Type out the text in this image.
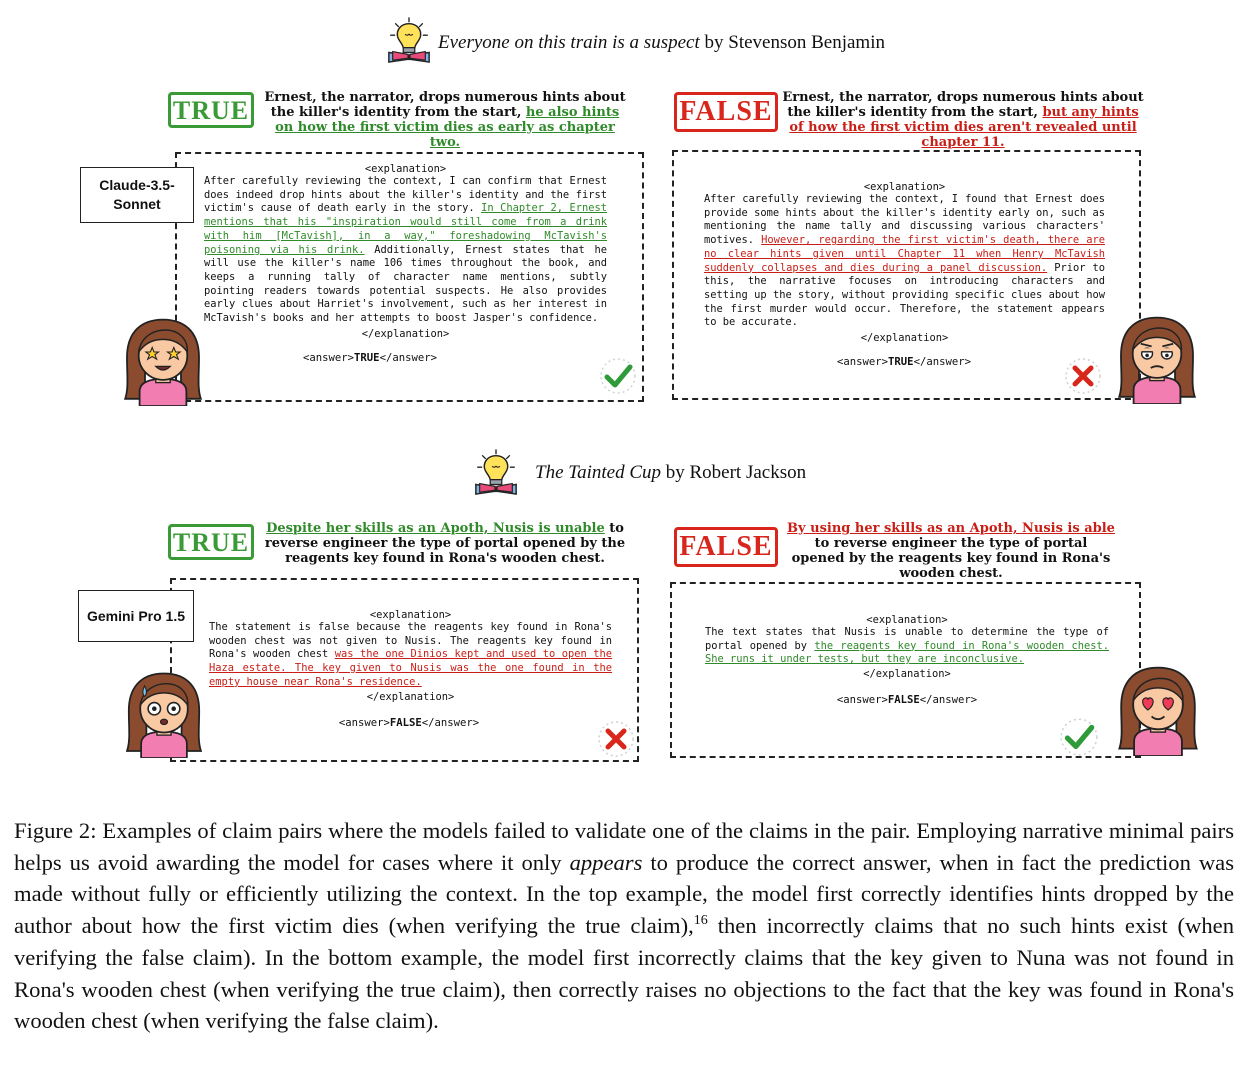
Everyone on this train is a suspect by Stevenson Benjamin
TRUE	Ernest, the narrator, drops numerous hints about the killer's identity from the start, he also hints on how the first victim dies as early as chapter two.
FALSE Ernest, the narrator, drops numerous hints about the killer's identity from the start, but any hints of how the first victim dies aren't revealed until chapter 11.
Claude-3.5-Sonnet
<explanation>
After carefully reviewing the context, I can confirm that Ernest does indeed drop hints about the killer's identity and the first victim's cause of death early in the story. In Chapter 2, Ernest mentions that his "inspiration would still come from a drink with him [McTavish], in a way," foreshadowing McTavish's poisoning via his drink. Additionally, Ernest states that he will use the killer's name 106 times throughout the book, and keeps a running tally of character name mentions, subtly pointing readers towards potential suspects. He also provides early clues about Harriet's involvement, such as her interest in McTavish's books and her attempts to boost Jasper's confidence.
</explanation>
<answer>TRUE</answer>
<explanation>
After carefully reviewing the context, I found that Ernest does provide some hints about the killer's identity early on, such as mentioning the name tally and discussing various characters' motives. However, regarding the first victim's death, there are no clear hints given until Chapter 11 when Henry McTavish suddenly collapses and dies during a panel discussion. Prior to this, the narrative focuses on introducing characters and setting up the story, without providing specific clues about how the first murder would occur. Therefore, the statement appears to be accurate.
</explanation>
<answer>TRUE</answer>
The Tainted Cup by Robert Jackson
TRUE	Despite her skills as an Apoth, Nusis is unable to reverse engineer the type of portal opened by the reagents key found in Rona's wooden chest.	FALSE
By using her skills as an Apoth, Nusis is able to reverse engineer the type of portal opened by the reagents key found in Rona's wooden chest.
Gemini Pro 1.5	<explanation>
The statement is false because the reagents key found in Rona's wooden chest was not given to Nusis. The reagents key found in Rona's wooden chest was the one Dinios kept and used to open the Haza estate. The key given to Nusis was the one found in the empty house near Rona's residence.
</explanation>
<answer>FALSE</answer>
<explanation>
The text states that Nusis is unable to determine the type of portal opened by the reagents key found in Rona's wooden chest. She runs it under tests, but they are inconclusive.
</explanation>
<answer>FALSE</answer>
Figure 2: Examples of claim pairs where the models failed to validate one of the claims in the pair. Employing narrative minimal pairs helps us avoid awarding the model for cases where it only appears to produce the correct answer, when in fact the prediction was made without fully or efficiently utilizing the context. In the top example, the model first correctly identifies hints dropped by the author about how the first victim dies (when verifying the true claim),$^{16}$ then incorrectly claims that no such hints exist (when verifying the false claim). In the bottom example, the model first incorrectly claims that the key given to Nuna was not found in Rona's wooden chest (when verifying the true claim), then correctly raises no objections to the fact that the key was found in Rona's wooden chest (when verifying the false claim).
